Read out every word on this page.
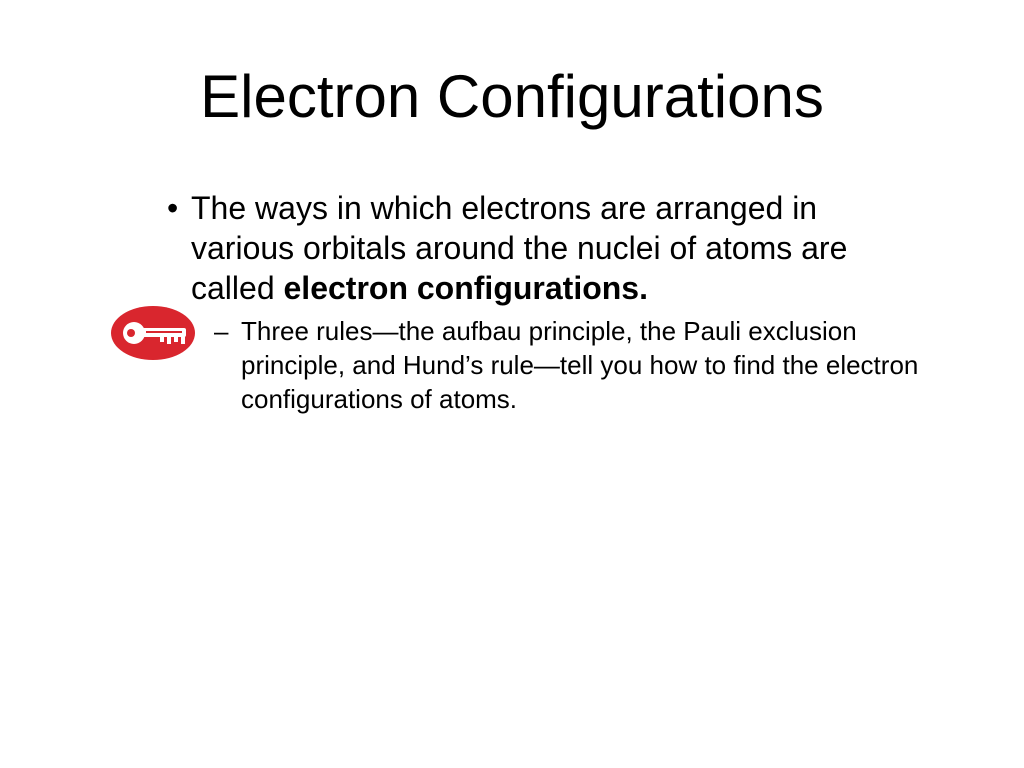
Electron Configurations
• The ways in which electrons are arranged in various orbitals around the nuclei of atoms are called electron configurations.
– Three rules—the aufbau principle, the Pauli exclusion principle, and Hund’s rule—tell you how to find the electron configurations of atoms.
